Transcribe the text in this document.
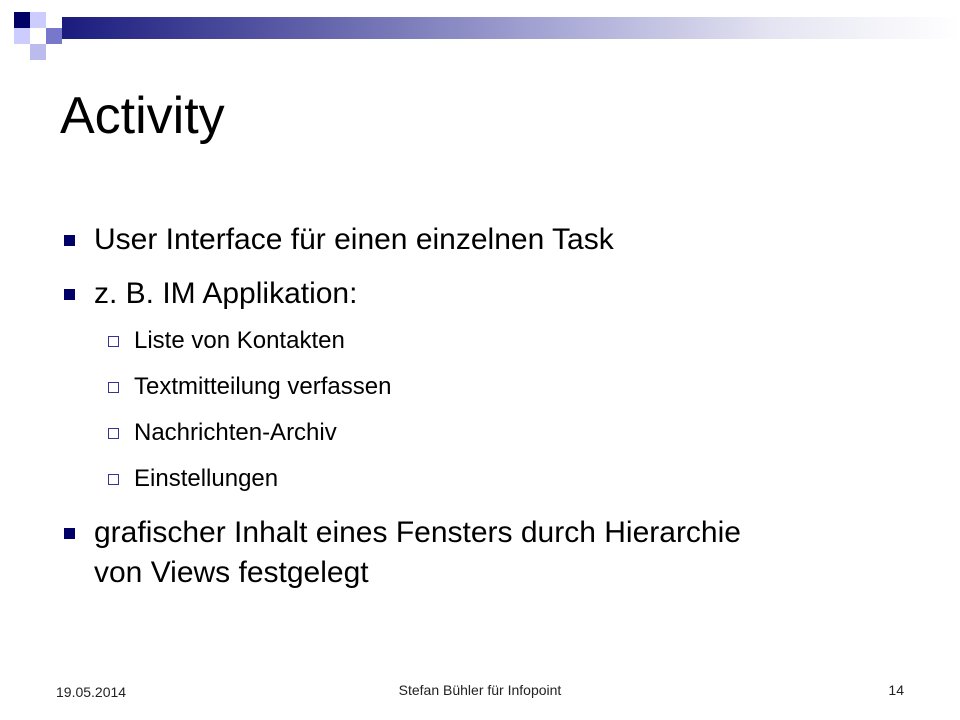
Activity
User Interface für einen einzelnen Task
z. B. IM Applikation:
Liste von Kontakten
Textmitteilung verfassen
Nachrichten-Archiv
Einstellungen
grafischer Inhalt eines Fensters durch Hierarchie
von Views festgelegt
19.05.2014	Stefan Bühler für Infopoint	14
